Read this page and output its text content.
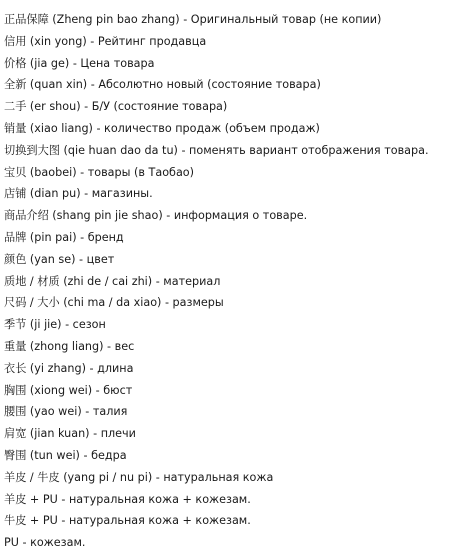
正品保障 (Zheng pin bao zhang) - Оригинальный товар (не копии)
信用 (xin yong) - Рейтинг продавца
价格 (jia ge) - Цена товара
全新 (quan xin) - Абсолютно новый (состояние товара)
二手 (er shou) - Б/У (состояние товара)
销量 (xiao liang) - количество продаж (объем продаж)
切换到大图 (qie huan dao da tu) - поменять вариант отображения товара.
宝贝 (baobei) - товары (в Таобао)
店铺 (dian pu) - магазины.
商品介绍 (shang pin jie shao) - информация о товаре.
品牌 (pin pai) - бренд
颜色 (yan se) - цвет
质地 / 材质 (zhi de / cai zhi) - материал
尺码 / 大小 (chi ma / da xiao) - размеры
季节 (ji jie) - сезон
重量 (zhong liang) - вес
衣长 (yi zhang) - длина
胸围 (xiong wei) - бюст
腰围 (yao wei) - талия
肩宽 (jian kuan) - плечи
臀围 (tun wei) - бедра
羊皮 / 牛皮 (yang pi / nu pi) - натуральная кожа
羊皮 + PU - натуральная кожа + кожезам.
牛皮 + PU - натуральная кожа + кожезам.
PU - кожезам.
